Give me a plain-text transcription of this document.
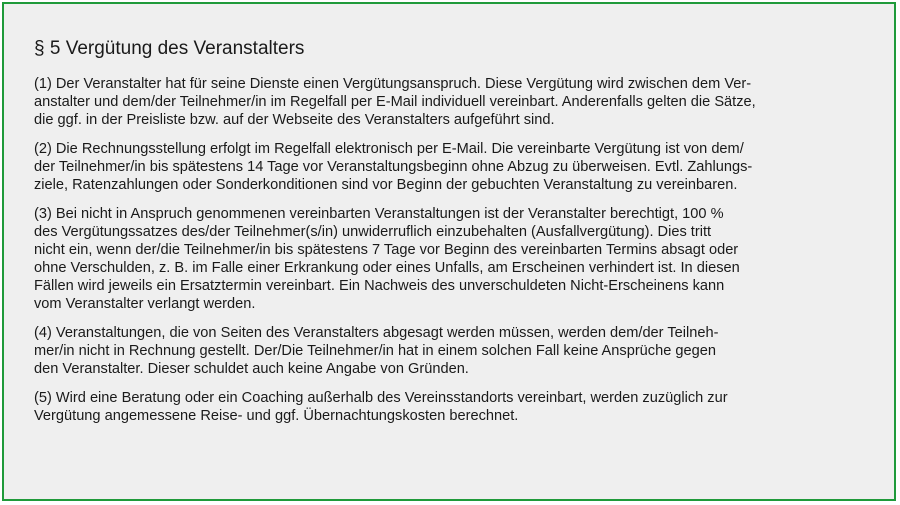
§ 5 Vergütung des Veranstalters

(1) Der Veranstalter hat für seine Dienste einen Vergütungsanspruch. Diese Vergütung wird zwischen dem Ver-
anstalter und dem/der Teilnehmer/in im Regelfall per E-Mail individuell vereinbart. Anderenfalls gelten die Sätze,
die ggf. in der Preisliste bzw. auf der Webseite des Veranstalters aufgeführt sind.

(2) Die Rechnungsstellung erfolgt im Regelfall elektronisch per E-Mail. Die vereinbarte Vergütung ist von dem/
der Teilnehmer/in bis spätestens 14 Tage vor Veranstaltungsbeginn ohne Abzug zu überweisen. Evtl. Zahlungs-
ziele, Ratenzahlungen oder Sonderkonditionen sind vor Beginn der gebuchten Veranstaltung zu vereinbaren.

(3) Bei nicht in Anspruch genommenen vereinbarten Veranstaltungen ist der Veranstalter berechtigt, 100 %
des Vergütungssatzes des/der Teilnehmer(s/in) unwiderruflich einzubehalten (Ausfallvergütung). Dies tritt
nicht ein, wenn der/die Teilnehmer/in bis spätestens 7 Tage vor Beginn des vereinbarten Termins absagt oder
ohne Verschulden, z. B. im Falle einer Erkrankung oder eines Unfalls, am Erscheinen verhindert ist. In diesen
Fällen wird jeweils ein Ersatztermin vereinbart. Ein Nachweis des unverschuldeten Nicht-Erscheinens kann
vom Veranstalter verlangt werden.

(4) Veranstaltungen, die von Seiten des Veranstalters abgesagt werden müssen, werden dem/der Teilneh-
mer/in nicht in Rechnung gestellt. Der/Die Teilnehmer/in hat in einem solchen Fall keine Ansprüche gegen
den Veranstalter. Dieser schuldet auch keine Angabe von Gründen.

(5) Wird eine Beratung oder ein Coaching außerhalb des Vereinsstandorts vereinbart, werden zuzüglich zur
Vergütung angemessene Reise- und ggf. Übernachtungskosten berechnet.
